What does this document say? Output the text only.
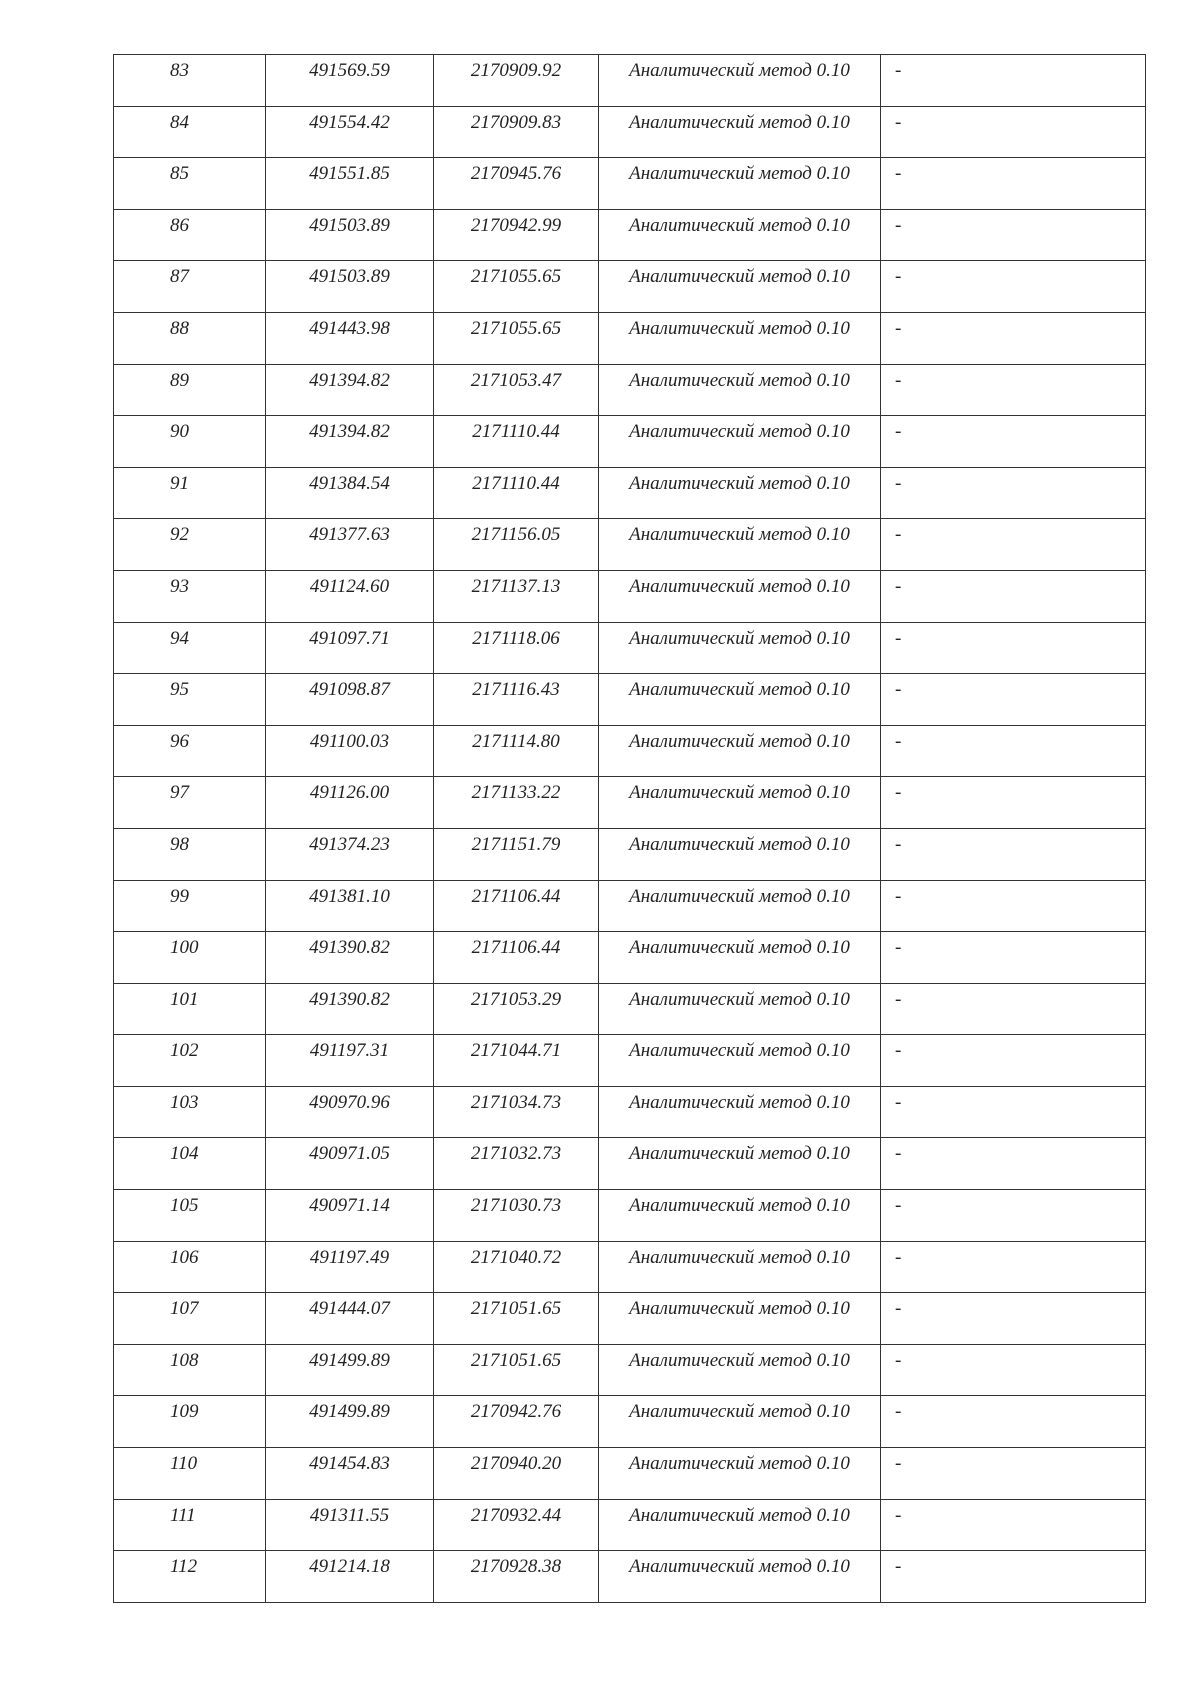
83	491569.59	2170909.92	Аналитический метод 0.10	-
84	491554.42	2170909.83	Аналитический метод 0.10	-
85	491551.85	2170945.76	Аналитический метод 0.10	-
86	491503.89	2170942.99	Аналитический метод 0.10	-
87	491503.89	2171055.65	Аналитический метод 0.10	-
88	491443.98	2171055.65	Аналитический метод 0.10	-
89	491394.82	2171053.47	Аналитический метод 0.10	-
90	491394.82	2171110.44	Аналитический метод 0.10	-
91	491384.54	2171110.44	Аналитический метод 0.10	-
92	491377.63	2171156.05	Аналитический метод 0.10	-
93	491124.60	2171137.13	Аналитический метод 0.10	-
94	491097.71	2171118.06	Аналитический метод 0.10	-
95	491098.87	2171116.43	Аналитический метод 0.10	-
96	491100.03	2171114.80	Аналитический метод 0.10	-
97	491126.00	2171133.22	Аналитический метод 0.10	-
98	491374.23	2171151.79	Аналитический метод 0.10	-
99	491381.10	2171106.44	Аналитический метод 0.10	-
100	491390.82	2171106.44	Аналитический метод 0.10	-
101	491390.82	2171053.29	Аналитический метод 0.10	-
102	491197.31	2171044.71	Аналитический метод 0.10	-
103	490970.96	2171034.73	Аналитический метод 0.10	-
104	490971.05	2171032.73	Аналитический метод 0.10	-
105	490971.14	2171030.73	Аналитический метод 0.10	-
106	491197.49	2171040.72	Аналитический метод 0.10	-
107	491444.07	2171051.65	Аналитический метод 0.10	-
108	491499.89	2171051.65	Аналитический метод 0.10	-
109	491499.89	2170942.76	Аналитический метод 0.10	-
110	491454.83	2170940.20	Аналитический метод 0.10	-
111	491311.55	2170932.44	Аналитический метод 0.10	-
112	491214.18	2170928.38	Аналитический метод 0.10	-
